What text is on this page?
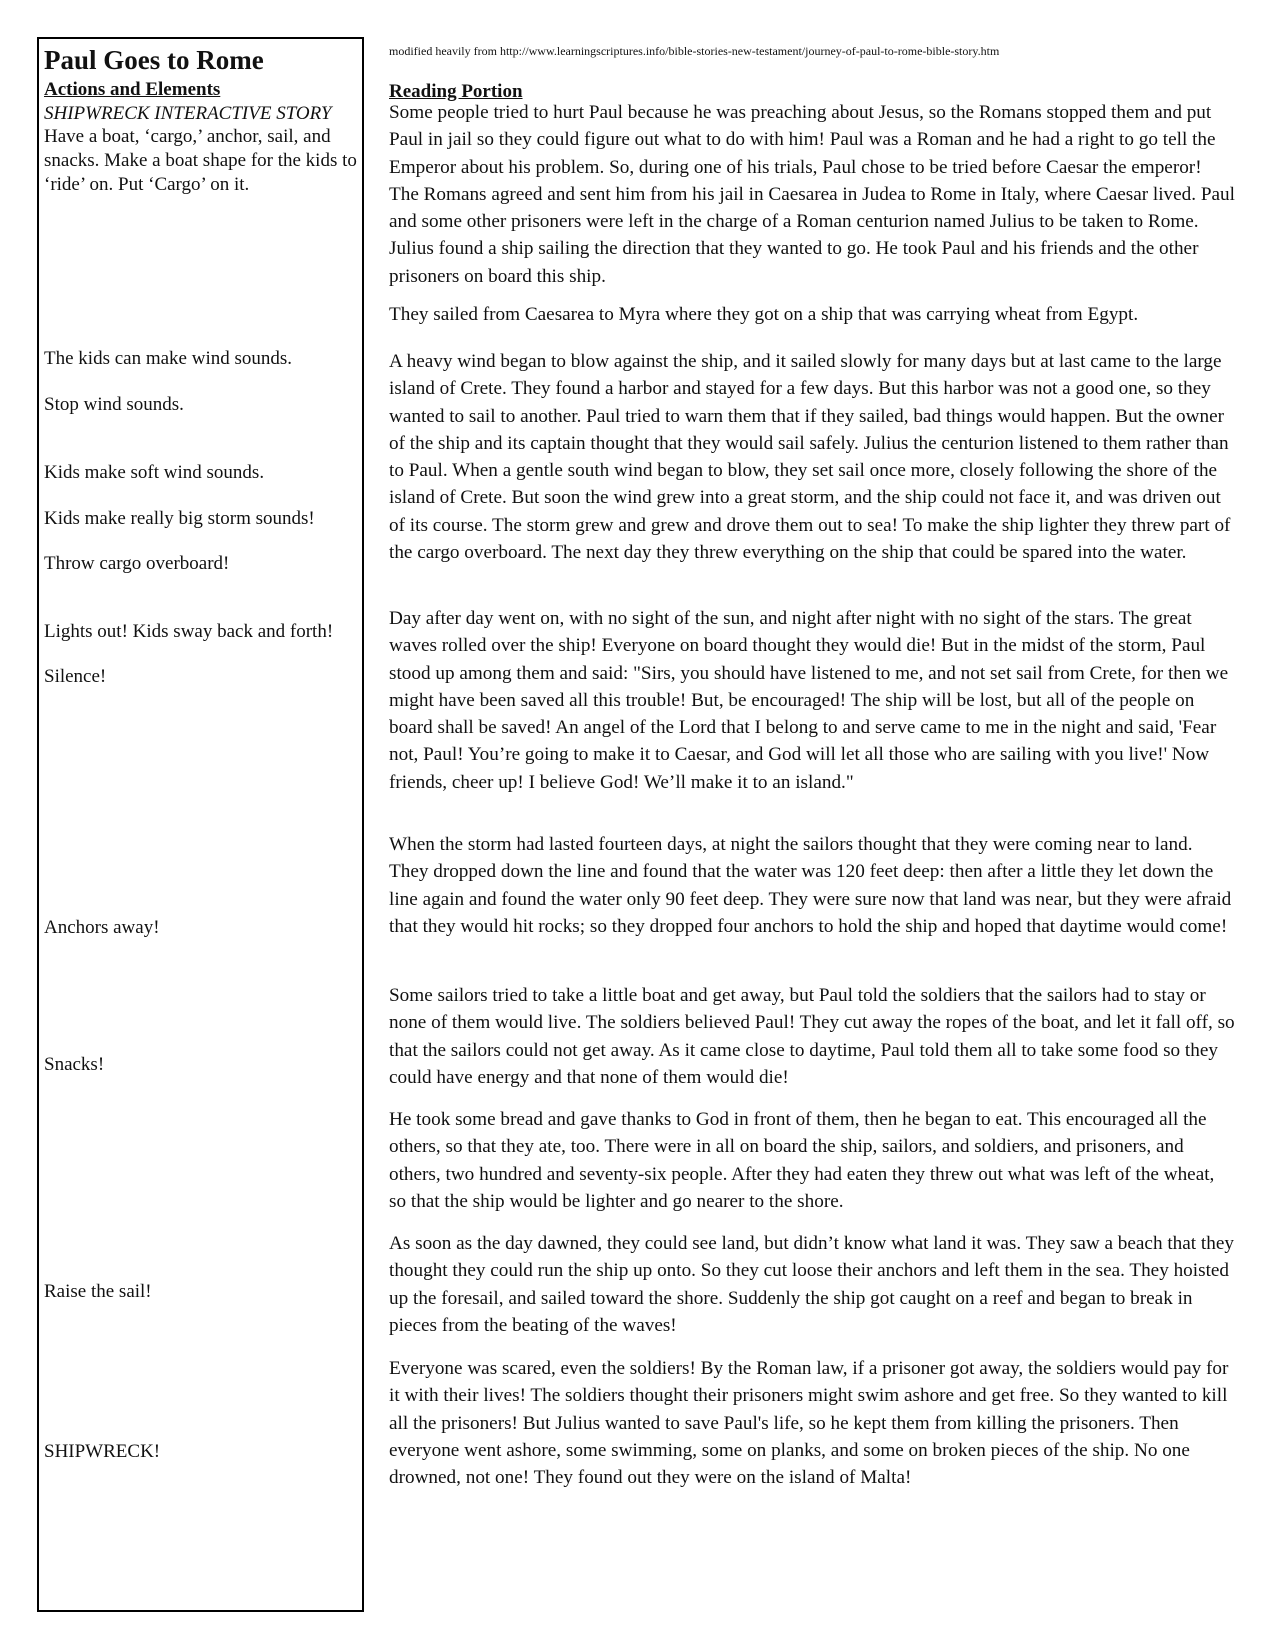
Paul Goes to Rome
Actions and Elements
SHIPWRECK INTERACTIVE STORY
Have a boat, ‘cargo,’ anchor, sail, and snacks. Make a boat shape for the kids to ‘ride’ on. Put ‘Cargo’ on it.
The kids can make wind sounds.
Stop wind sounds.
Kids make soft wind sounds.
Kids make really big storm sounds!
Throw cargo overboard!
Lights out! Kids sway back and forth!
Silence!
Anchors away!
Snacks!
Raise the sail!
SHIPWRECK!
modified heavily from http://www.learningscriptures.info/bible-stories-new-testament/journey-of-paul-to-rome-bible-story.htm
Reading Portion

Some people tried to hurt Paul because he was preaching about Jesus, so the Romans stopped them and put Paul in jail so they could figure out what to do with him! Paul was a Roman and he had a right to go tell the Emperor about his problem. So, during one of his trials, Paul chose to be tried before Caesar the emperor! The Romans agreed and sent him from his jail in Caesarea in Judea to Rome in Italy, where Caesar lived. Paul and some other prisoners were left in the charge of a Roman centurion named Julius to be taken to Rome. Julius found a ship sailing the direction that they wanted to go. He took Paul and his friends and the other prisoners on board this ship.

They sailed from Caesarea to Myra where they got on a ship that was carrying wheat from Egypt.

A heavy wind began to blow against the ship, and it sailed slowly for many days but at last came to the large island of Crete. They found a harbor and stayed for a few days. But this harbor was not a good one, so they wanted to sail to another. Paul tried to warn them that if they sailed, bad things would happen. But the owner of the ship and its captain thought that they would sail safely. Julius the centurion listened to them rather than to Paul. When a gentle south wind began to blow, they set sail once more, closely following the shore of the island of Crete. But soon the wind grew into a great storm, and the ship could not face it, and was driven out of its course. The storm grew and grew and drove them out to sea! To make the ship lighter they threw part of the cargo overboard. The next day they threw everything on the ship that could be spared into the water.

Day after day went on, with no sight of the sun, and night after night with no sight of the stars. The great waves rolled over the ship! Everyone on board thought they would die! But in the midst of the storm, Paul stood up among them and said: "Sirs, you should have listened to me, and not set sail from Crete, for then we might have been saved all this trouble! But, be encouraged! The ship will be lost, but all of the people on board shall be saved! An angel of the Lord that I belong to and serve came to me in the night and said, 'Fear not, Paul! You’re going to make it to Caesar, and God will let all those who are sailing with you live!' Now friends, cheer up! I believe God! We’ll make it to an island."

When the storm had lasted fourteen days, at night the sailors thought that they were coming near to land. They dropped down the line and found that the water was 120 feet deep: then after a little they let down the line again and found the water only 90 feet deep. They were sure now that land was near, but they were afraid that they would hit rocks; so they dropped four anchors to hold the ship and hoped that daytime would come!

Some sailors tried to take a little boat and get away, but Paul told the soldiers that the sailors had to stay or none of them would live. The soldiers believed Paul! They cut away the ropes of the boat, and let it fall off, so that the sailors could not get away. As it came close to daytime, Paul told them all to take some food so they could have energy and that none of them would die!

He took some bread and gave thanks to God in front of them, then he began to eat. This encouraged all the others, so that they ate, too. There were in all on board the ship, sailors, and soldiers, and prisoners, and others, two hundred and seventy-six people. After they had eaten they threw out what was left of the wheat, so that the ship would be lighter and go nearer to the shore.

As soon as the day dawned, they could see land, but didn’t know what land it was. They saw a beach that they thought they could run the ship up onto. So they cut loose their anchors and left them in the sea. They hoisted up the foresail, and sailed toward the shore. Suddenly the ship got caught on a reef and began to break in pieces from the beating of the waves!

Everyone was scared, even the soldiers! By the Roman law, if a prisoner got away, the soldiers would pay for it with their lives! The soldiers thought their prisoners might swim ashore and get free. So they wanted to kill all the prisoners! But Julius wanted to save Paul's life, so he kept them from killing the prisoners. Then everyone went ashore, some swimming, some on planks, and some on broken pieces of the ship. No one drowned, not one! They found out they were on the island of Malta!
